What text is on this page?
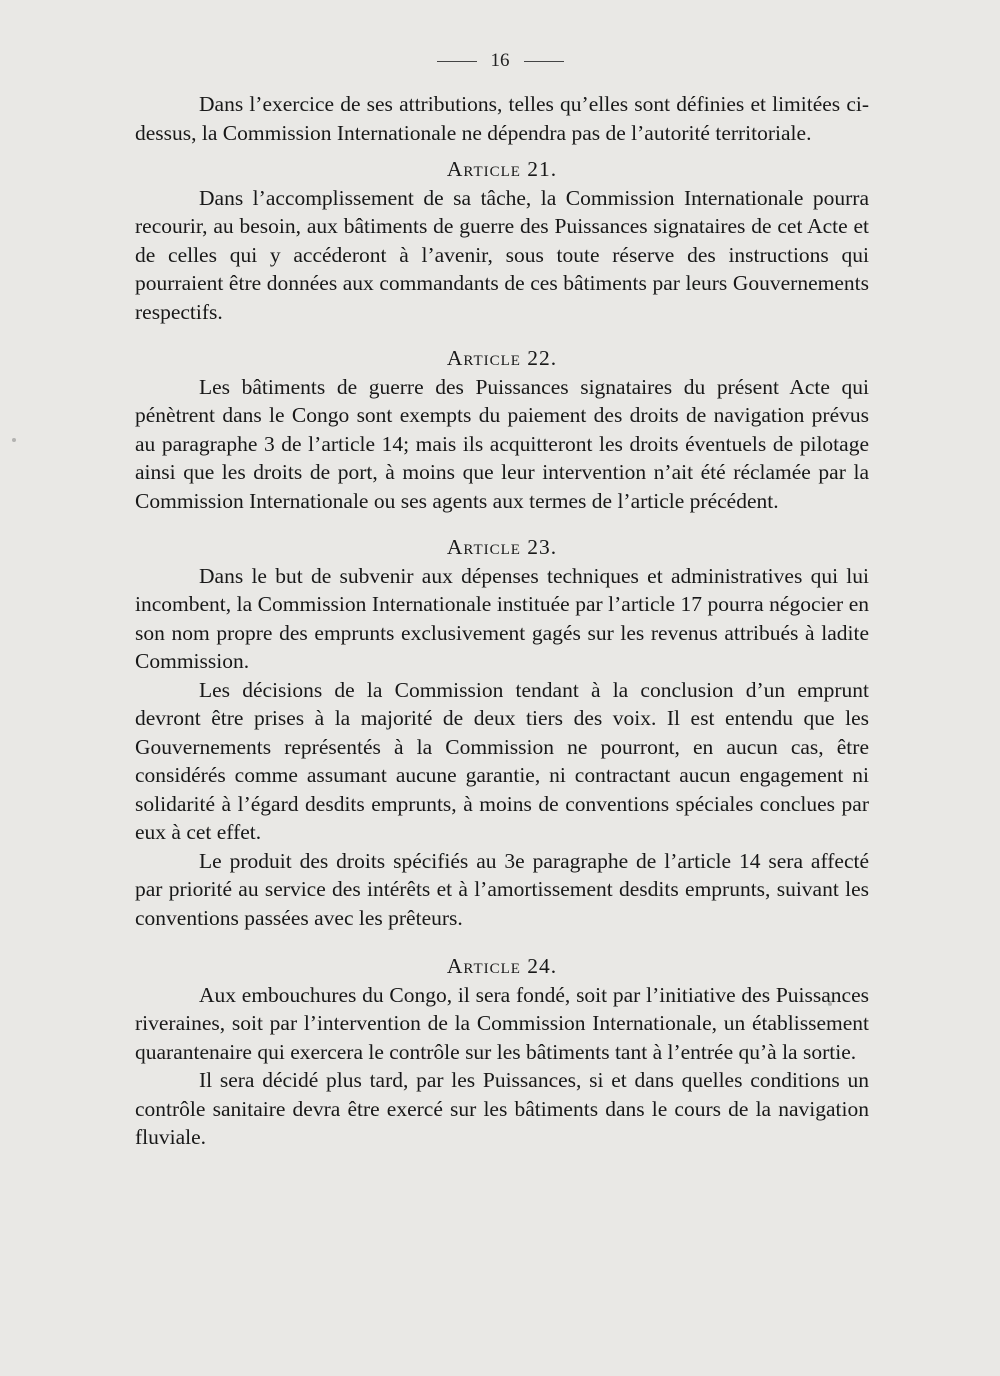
16

Dans l’exercice de ses attributions, telles qu’elles sont définies et limitées ci-dessus, la Commission Internationale ne dépendra pas de l’autorité territoriale.

Article 21.

Dans l’accomplissement de sa tâche, la Commission Internationale pourra recourir, au besoin, aux bâtiments de guerre des Puissances signataires de cet Acte et de celles qui y accéderont à l’avenir, sous toute réserve des instructions qui pourraient être données aux commandants de ces bâtiments par leurs Gouvernements respectifs.

Article 22.

Les bâtiments de guerre des Puissances signataires du présent Acte qui pénètrent dans le Congo sont exempts du paiement des droits de navigation prévus au paragraphe 3 de l’article 14; mais ils acquitteront les droits éventuels de pilotage ainsi que les droits de port, à moins que leur intervention n’ait été réclamée par la Commission Internationale ou ses agents aux termes de l’article précédent.

Article 23.

Dans le but de subvenir aux dépenses techniques et administratives qui lui incombent, la Commission Internationale instituée par l’article 17 pourra négocier en son nom propre des emprunts exclusivement gagés sur les revenus attribués à ladite Commission.

Les décisions de la Commission tendant à la conclusion d’un emprunt devront être prises à la majorité de deux tiers des voix. Il est entendu que les Gouvernements représentés à la Commission ne pourront, en aucun cas, être considérés comme assumant aucune garantie, ni contractant aucun engagement ni solidarité à l’égard desdits emprunts, à moins de conventions spéciales conclues par eux à cet effet.

Le produit des droits spécifiés au 3e paragraphe de l’article 14 sera affecté par priorité au service des intérêts et à l’amortissement desdits emprunts, suivant les conventions passées avec les prêteurs.

Article 24.

Aux embouchures du Congo, il sera fondé, soit par l’initiative des Puissances riveraines, soit par l’intervention de la Commission Internationale, un établissement quarantenaire qui exercera le contrôle sur les bâtiments tant à l’entrée qu’à la sortie.

Il sera décidé plus tard, par les Puissances, si et dans quelles conditions un contrôle sanitaire devra être exercé sur les bâtiments dans le cours de la navigation fluviale.
